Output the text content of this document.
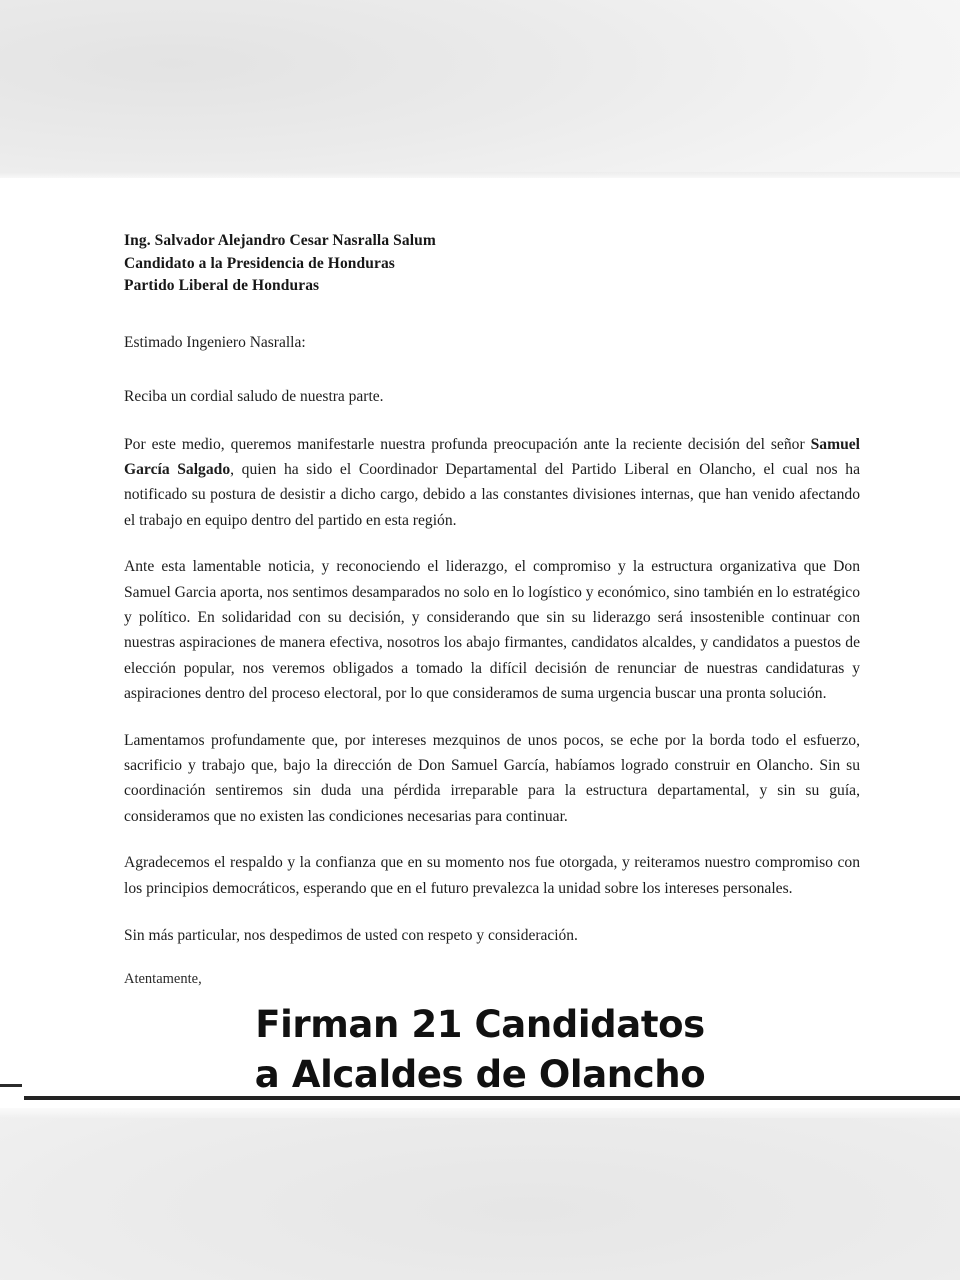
Ing. Salvador Alejandro Cesar Nasralla Salum
Candidato a la Presidencia de Honduras
Partido Liberal de Honduras
Estimado Ingeniero Nasralla:
Reciba un cordial saludo de nuestra parte.

Por este medio, queremos manifestarle nuestra profunda preocupación ante la reciente decisión del señor Samuel García Salgado, quien ha sido el Coordinador Departamental del Partido Liberal en Olancho, el cual nos ha notificado su postura de desistir a dicho cargo, debido a las constantes divisiones internas, que han venido afectando el trabajo en equipo dentro del partido en esta región.

Ante esta lamentable noticia, y reconociendo el liderazgo, el compromiso y la estructura organizativa que Don Samuel Garcia aporta, nos sentimos desamparados no solo en lo logístico y económico, sino también en lo estratégico y político. En solidaridad con su decisión, y considerando que sin su liderazgo será insostenible continuar con nuestras aspiraciones de manera efectiva, nosotros los abajo firmantes, candidatos alcaldes, y candidatos a puestos de elección popular, nos veremos obligados a tomado la difícil decisión de renunciar de nuestras candidaturas y aspiraciones dentro del proceso electoral, por lo que consideramos de suma urgencia buscar una pronta solución.

Lamentamos profundamente que, por intereses mezquinos de unos pocos, se eche por la borda todo el esfuerzo, sacrificio y trabajo que, bajo la dirección de Don Samuel García, habíamos logrado construir en Olancho. Sin su coordinación sentiremos sin duda una pérdida irreparable para la estructura departamental, y sin su guía, consideramos que no existen las condiciones necesarias para continuar.

Agradecemos el respaldo y la confianza que en su momento nos fue otorgada, y reiteramos nuestro compromiso con los principios democráticos, esperando que en el futuro prevalezca la unidad sobre los intereses personales.

Sin más particular, nos despedimos de usted con respeto y consideración.
Atentamente,
Firman 21 Candidatos
a Alcaldes de Olancho
